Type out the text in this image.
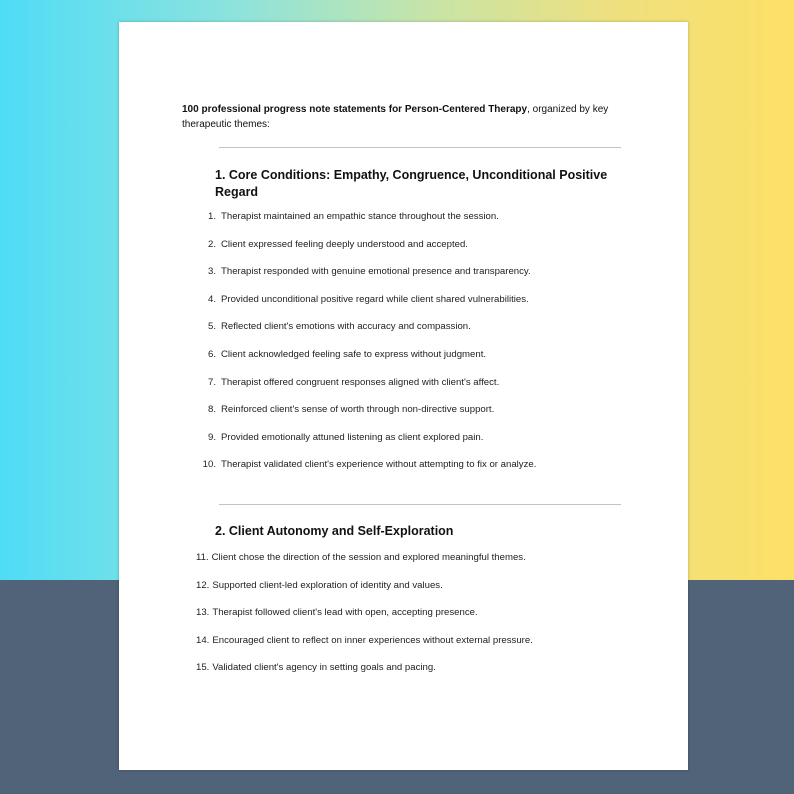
100 professional progress note statements for Person-Centered Therapy, organized by key therapeutic themes:
1. Core Conditions: Empathy, Congruence, Unconditional Positive Regard
1. Therapist maintained an empathic stance throughout the session.
2. Client expressed feeling deeply understood and accepted.
3. Therapist responded with genuine emotional presence and transparency.
4. Provided unconditional positive regard while client shared vulnerabilities.
5. Reflected client's emotions with accuracy and compassion.
6. Client acknowledged feeling safe to express without judgment.
7. Therapist offered congruent responses aligned with client's affect.
8. Reinforced client's sense of worth through non-directive support.
9. Provided emotionally attuned listening as client explored pain.
10. Therapist validated client's experience without attempting to fix or analyze.
2. Client Autonomy and Self-Exploration
11. Client chose the direction of the session and explored meaningful themes.
12. Supported client-led exploration of identity and values.
13. Therapist followed client's lead with open, accepting presence.
14. Encouraged client to reflect on inner experiences without external pressure.
15. Validated client's agency in setting goals and pacing.
